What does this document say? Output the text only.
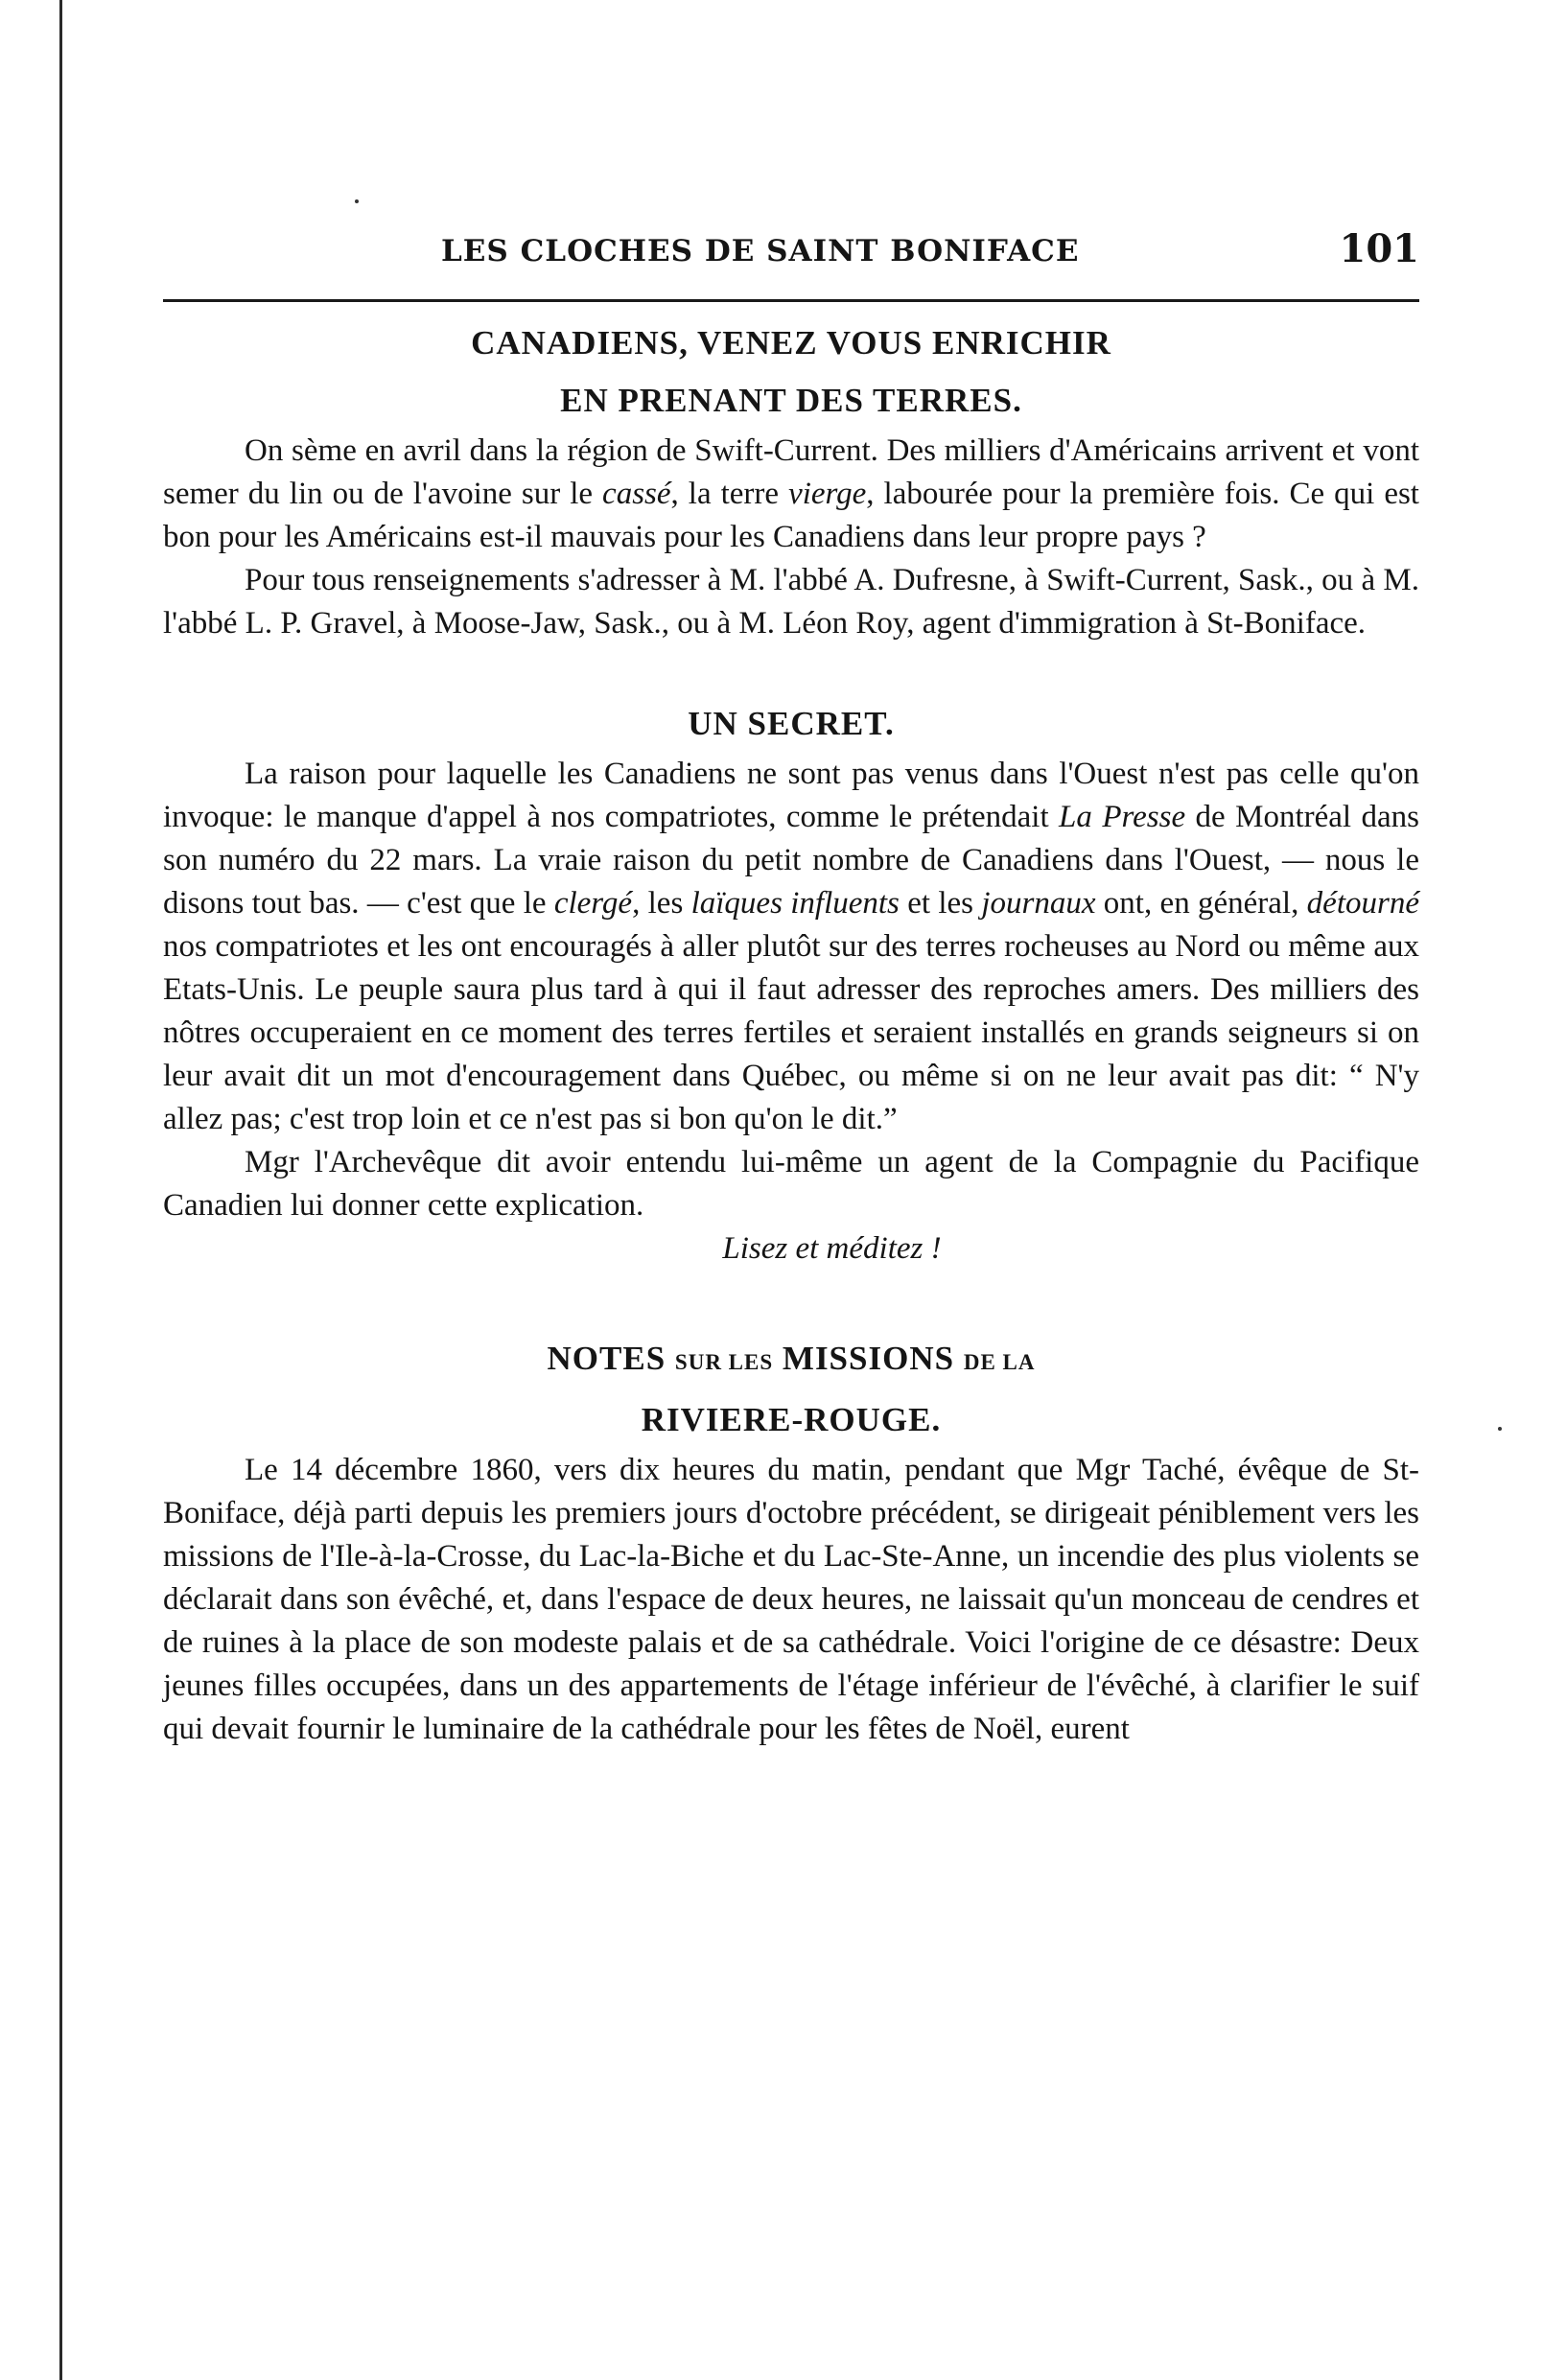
LES CLOCHES DE SAINT BONIFACE	101
CANADIENS, VENEZ VOUS ENRICHIR
EN PRENANT DES TERRES.

On sème en avril dans la région de Swift-Current. Des milliers d'Américains arrivent et vont semer du lin ou de l'avoine sur le cassé, la terre vierge, labourée pour la première fois. Ce qui est bon pour les Américains est-il mauvais pour les Canadiens dans leur propre pays ?

Pour tous renseignements s'adresser à M. l'abbé A. Dufresne, à Swift-Current, Sask., ou à M. l'abbé L. P. Gravel, à Moose-Jaw, Sask., ou à M. Léon Roy, agent d'immigration à St-Boniface.

UN SECRET.

La raison pour laquelle les Canadiens ne sont pas venus dans l'Ouest n'est pas celle qu'on invoque: le manque d'appel à nos compatriotes, comme le prétendait La Presse de Montréal dans son numéro du 22 mars. La vraie raison du petit nombre de Canadiens dans l'Ouest, — nous le disons tout bas. — c'est que le clergé, les laïques influents et les journaux ont, en général, détourné nos compatriotes et les ont encouragés à aller plutôt sur des terres rocheuses au Nord ou même aux Etats-Unis. Le peuple saura plus tard à qui il faut adresser des reproches amers. Des milliers des nôtres occuperaient en ce moment des terres fertiles et seraient installés en grands seigneurs si on leur avait dit un mot d'encouragement dans Québec, ou même si on ne leur avait pas dit: “ N'y allez pas; c'est trop loin et ce n'est pas si bon qu'on le dit.”

Mgr l'Archevêque dit avoir entendu lui-même un agent de la Compagnie du Pacifique Canadien lui donner cette explication.

Lisez et méditez !

NOTES SUR LES MISSIONS DE LA
RIVIERE-ROUGE.

Le 14 décembre 1860, vers dix heures du matin, pendant que Mgr Taché, évêque de St-Boniface, déjà parti depuis les premiers jours d'octobre précédent, se dirigeait péniblement vers les missions de l'Ile-à-la-Crosse, du Lac-la-Biche et du Lac-Ste-Anne, un incendie des plus violents se déclarait dans son évêché, et, dans l'espace de deux heures, ne laissait qu'un monceau de cendres et de ruines à la place de son modeste palais et de sa cathédrale. Voici l'origine de ce désastre: Deux jeunes filles occupées, dans un des appartements de l'étage inférieur de l'évêché, à clarifier le suif qui devait fournir le luminaire de la cathédrale pour les fêtes de Noël, eurent
